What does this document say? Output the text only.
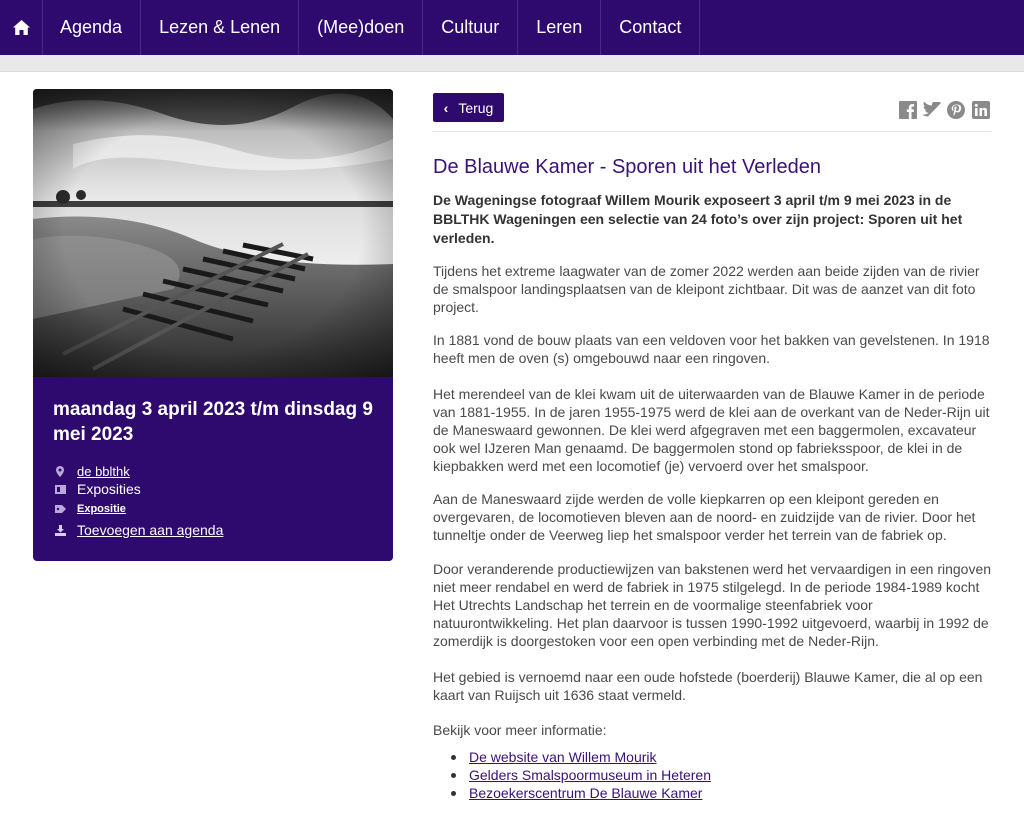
Agenda	Lezen & Lenen	(Mee)doen	Cultuur	Leren	Contact
maandag 3 april 2023 t/m dinsdag 9 mei 2023
de bblthk
Exposities
Expositie
Toevoegen aan agenda
‹ Terug
De Blauwe Kamer - Sporen uit het Verleden

De Wageningse fotograaf Willem Mourik exposeert 3 april t/m 9 mei 2023 in de BBLTHK Wageningen een selectie van 24 foto’s over zijn project: Sporen uit het verleden.

Tijdens het extreme laagwater van de zomer 2022 werden aan beide zijden van de rivier de smalspoor landingsplaatsen van de kleipont zichtbaar. Dit was de aanzet van dit foto project.

In 1881 vond de bouw plaats van een veldoven voor het bakken van gevelstenen. In 1918 heeft men de oven (s) omgebouwd naar een ringoven.

Het merendeel van de klei kwam uit de uiterwaarden van de Blauwe Kamer in de periode van 1881-1955. In de jaren 1955-1975 werd de klei aan de overkant van de Neder-Rijn uit de Maneswaard gewonnen. De klei werd afgegraven met een baggermolen, excavateur ook wel IJzeren Man genaamd. De baggermolen stond op fabrieksspoor, de klei in de kiepbakken werd met een locomotief (je) vervoerd over het smalspoor.

Aan de Maneswaard zijde werden de volle kiepkarren op een kleipont gereden en overgevaren, de locomotieven bleven aan de noord- en zuidzijde van de rivier. Door het tunneltje onder de Veerweg liep het smalspoor verder het terrein van de fabriek op.

Door veranderende productiewijzen van bakstenen werd het vervaardigen in een ringoven niet meer rendabel en werd de fabriek in 1975 stilgelegd. In de periode 1984-1989 kocht Het Utrechts Landschap het terrein en de voormalige steenfabriek voor natuurontwikkeling. Het plan daarvoor is tussen 1990-1992 uitgevoerd, waarbij in 1992 de zomerdijk is doorgestoken voor een open verbinding met de Neder-Rijn.

Het gebied is vernoemd naar een oude hofstede (boerderij) Blauwe Kamer, die al op een kaart van Ruijsch uit 1636 staat vermeld.

Bekijk voor meer informatie:

De website van Willem Mourik
Gelders Smalspoormuseum in Heteren
Bezoekerscentrum De Blauwe Kamer
